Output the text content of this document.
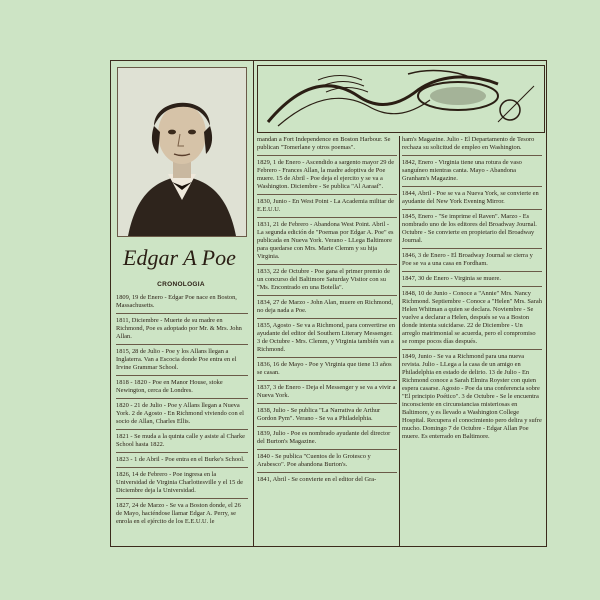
Edgar A Poe
CRONOLOGIA

1809, 19 de Enero - Edgar Poe nace en Boston, Massachusetts.

1811, Diciembre - Muerte de su madre en Richmond, Poe es adoptado por Mr. & Mrs. John Allan.

1815, 28 de Julio - Poe y los Allans llegan a Inglaterra. Van a Escocia donde Poe entra en el Irvine Grammar School.

1818 - 1820 - Poe en Manor House, stoke Newington, cerca de Londres.

1820 - 21 de Julio - Poe y Allans llegan a Nueva York. 2 de Agosto - En Richmond viviendo con el socio de Allan, Charles Ellis.

1821 - Se muda a la quinta calle y asiste al Charke School hasta 1822.

1823 - 1 de Abril - Poe entra en el Burke's School.

1826, 14 de Febrero - Poe ingresa en la Universidad de Virginia Charlottesville y el 15 de Diciembre deja la Universidad.

1827, 24 de Marzo - Se va a Boston donde, el 26 de Mayo, haciéndose llamar Edgar A. Perry, se enrola en el ejército de los E.E.U.U. le

mandan a Fort Independence en Boston Harbour. Se publican "Tomerlane y otros poemas".

1829, 1 de Enero - Ascendido a sargento mayor 29 de Febrero - Frances Allan, la madre adoptiva de Poe muere. 15 de Abril - Poe deja el ejercito y se va a Washington. Diciembre - Se publica "Al Aaraaf".

1830, Junio - En West Point - La Academia militar de E.E.U.U.

1831, 21 de Febrero - Abandona West Point. Abril - La segunda edición de "Poemas por Edgar A. Poe" es publicada en Nueva York. Verano - LLega Baltimore para quedarse con Mrs. Marie Clemm y su hija Virginia.

1833, 22 de Octubre - Poe gana el primer premio de un concurso del Baltimore Saturday Visitor con su "Ms. Encontrado en una Botella".

1834, 27 de Marzo - John Alan, muere en Richmond, no deja nada a Poe.

1835, Agosto - Se va a Richmond, para convertirse en ayudante del editor del Southern Literary Messenger. 3 de Octubre - Mrs. Clemm, y Virginia también van a Richmond.

1836, 16 de Mayo - Poe y Virginia que tiene 13 años se casan.

1837, 3 de Enero - Deja el Messenger y se va a vivir a Nueva York.

1838, Julio - Se publica "La Narrativa de Arthur Gordon Pym". Verano - Se va a Philadelphia.

1839, Julio - Poe es nombrado ayudante del director del Burton's Magazine.

1840 - Se publica "Cuentos de lo Grotesco y Arabesco". Poe abandona Burton's.

1841, Abril - Se convierte en el editor del Gra-

ham's Magazine. Julio - El Departamento de Tesoro rechaza su solicitud de empleo en Washington.

1842, Enero - Virginia tiene una rotura de vaso sanguíneo mientras canta. Mayo - Abandona Granham's Magazine.

1844, Abril - Poe se va a Nueva York, se convierte en ayudante del New York Evening Mirror.

1845, Enero - "Se imprime el Raven". Marzo - Es nombrado uno de los editores del Broadway Journal. Octubre - Se convierte en propietario del Broadway Journal.

1846, 3 de Enero - El Broadway Journal se cierra y Poe se va a una casa en Fordham.

1847, 30 de Enero - Virginia se muere.

1848, 10 de Junio - Conoce a "Annie" Mrs. Nancy Richmond. Septiembre - Conoce a "Helen" Mrs. Sarah Helen Whitman a quien se declara. Noviembre - Se vuelve a declarar a Helen, después se va a Boston donde intenta suicidarse. 22 de Diciembre - Un arreglo matrimonial se acuerda, pero el compromiso se rompe pocos días después.

1849, Junio - Se va a Richmond para una nueva revista. Julio - LLega a la casa de un amigo en Philadelphia en estado de delirio. 13 de Julio - En Richmond conoce a Sarah Elmira Royster con quien espera casarse. Agosto - Poe da una conferencia sobre "El principio Poético". 3 de Octubre - Se le encuentra inconsciente en circunstancias misteriosas en Baltimore, y es llevado a Washington College Hospital. Recupera el conocimiento pero delira y sufre mucho. Domingo 7 de Octubre - Edgar Allan Poe muere. Es enterrado en Baltimore.
